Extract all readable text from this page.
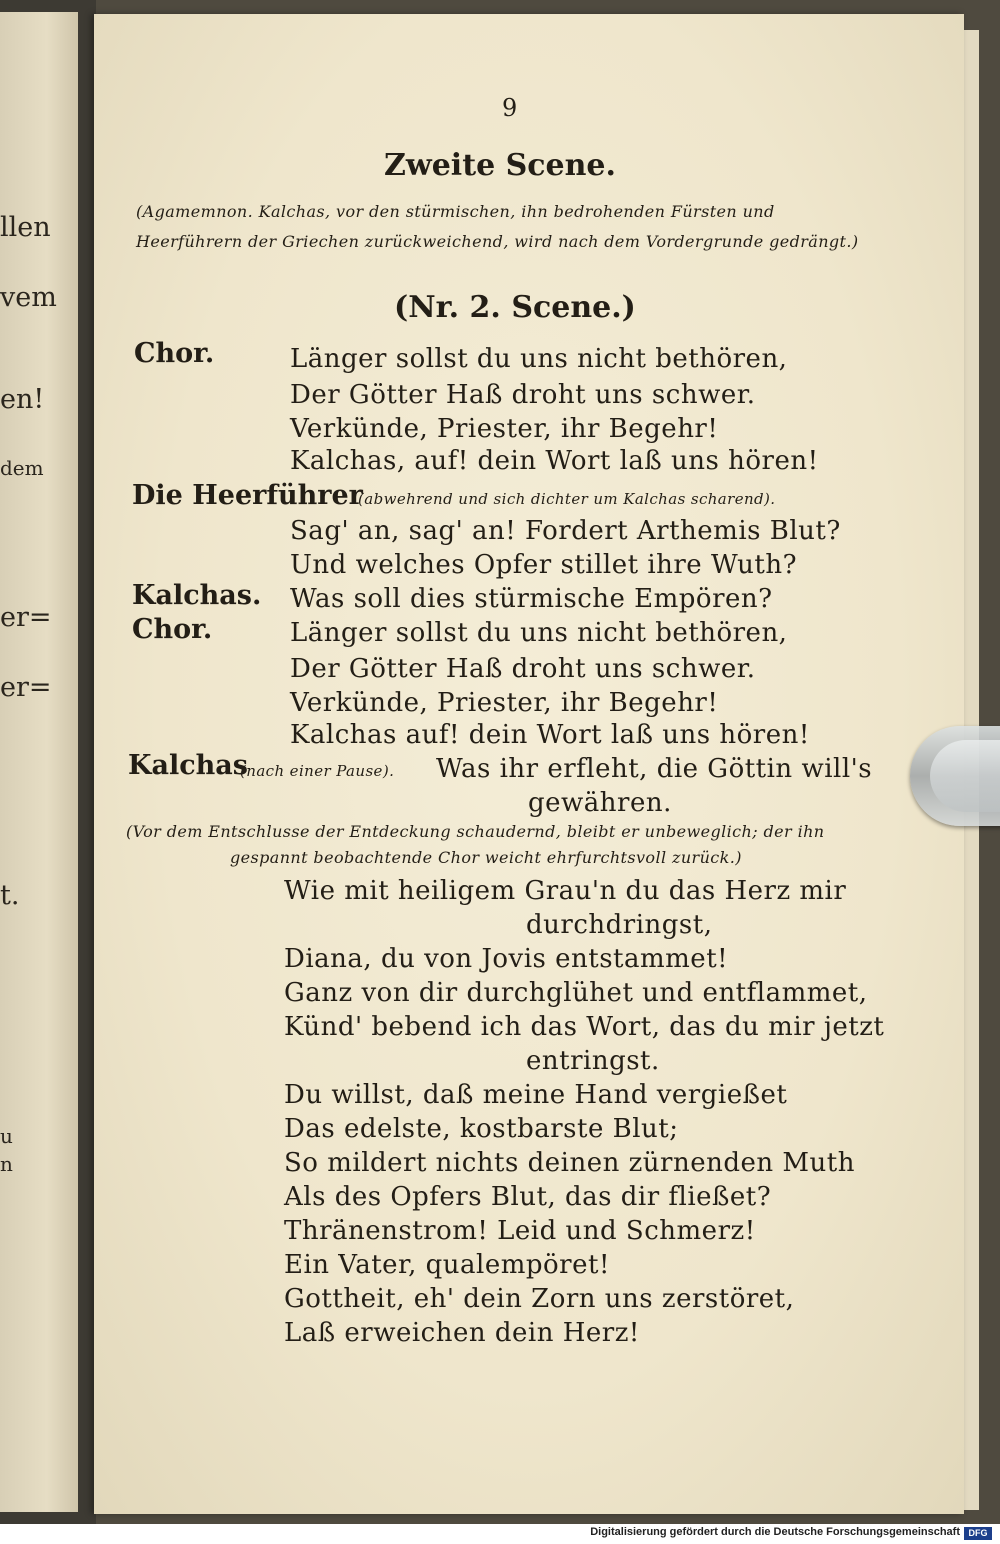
llen
vem
en!
dem
er=
er=
t.
u
n
9
Zweite Scene.
(Agamemnon. Kalchas, vor den stürmischen, ihn bedrohenden Fürsten und
Heerführern der Griechen zurückweichend, wird nach dem Vordergrunde gedrängt.)
(Nr. 2. Scene.)
Chor.	Länger sollst du uns nicht bethören,
Der Götter Haß droht uns schwer.
Verkünde, Priester, ihr Begehr!
Kalchas, auf! dein Wort laß uns hören!
Die Heerführer
(abwehrend und sich dichter um Kalchas scharend).
Sag' an, sag' an! Fordert Arthemis Blut?
Und welches Opfer stillet ihre Wuth?
Kalchas. Was soll dies stürmische Empören?
Chor.	Länger sollst du uns nicht bethören,
Der Götter Haß droht uns schwer.
Verkünde, Priester, ihr Begehr!
Kalchas auf! dein Wort laß uns hören!
Kalchas
(nach einer Pause). Was ihr erfleht, die Göttin will's
gewähren.
(Vor dem Entschlusse der Entdeckung schaudernd, bleibt er unbeweglich; der ihn
gespannt beobachtende Chor weicht ehrfurchtsvoll zurück.)
Wie mit heiligem Grau'n du das Herz mir
durchdringst,
Diana, du von Jovis entstammet!
Ganz von dir durchglühet und entflammet,
Künd' bebend ich das Wort, das du mir jetzt
entringst.
Du willst, daß meine Hand vergießet
Das edelste, kostbarste Blut;
So mildert nichts deinen zürnenden Muth
Als des Opfers Blut, das dir fließet?
Thränenstrom! Leid und Schmerz!
Ein Vater, qualempöret!
Gottheit, eh' dein Zorn uns zerstöret,
Laß erweichen dein Herz!
Digitalisierung gefördert durch die Deutsche Forschungsgemeinschaft DFG
